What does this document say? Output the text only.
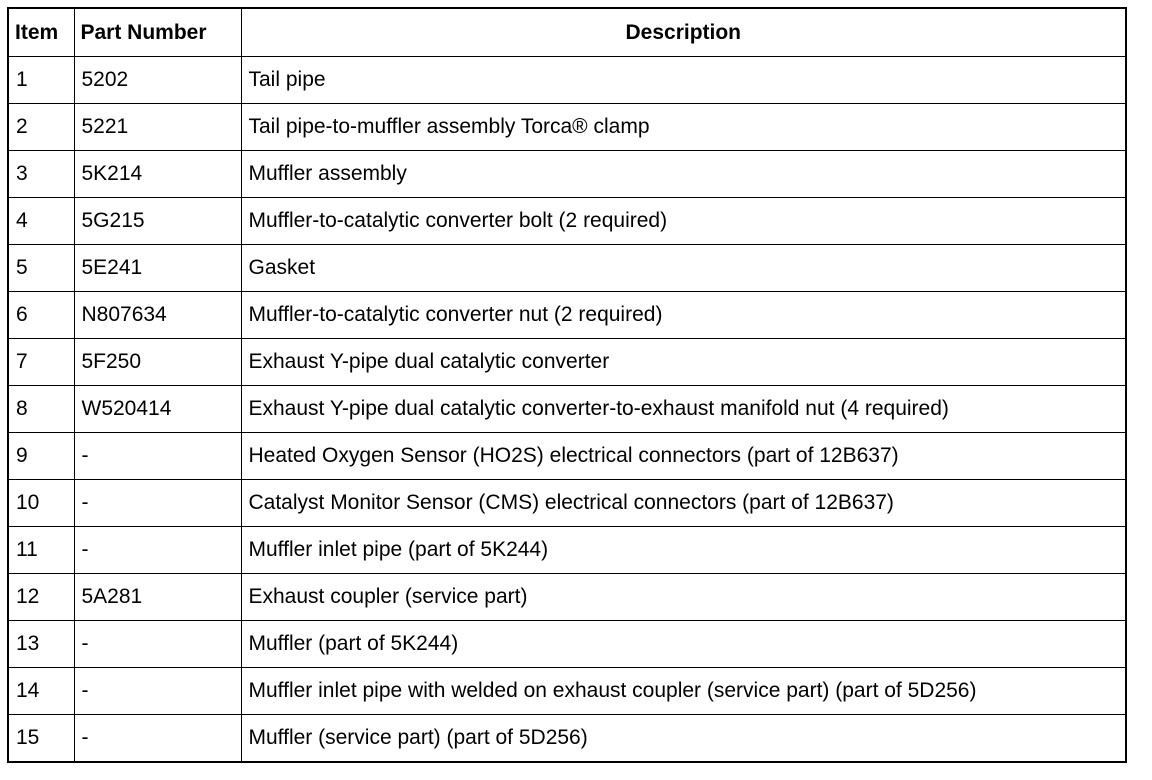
Item	Part Number	Description
1	5202	Tail pipe
2	5221	Tail pipe-to-muffler assembly Torca® clamp
3	5K214	Muffler assembly
4	5G215	Muffler-to-catalytic converter bolt (2 required)
5	5E241	Gasket
6	N807634	Muffler-to-catalytic converter nut (2 required)
7	5F250	Exhaust Y-pipe dual catalytic converter
8	W520414	Exhaust Y-pipe dual catalytic converter-to-exhaust manifold nut (4 required)
9	-	Heated Oxygen Sensor (HO2S) electrical connectors (part of 12B637)
10	-	Catalyst Monitor Sensor (CMS) electrical connectors (part of 12B637)
11	-	Muffler inlet pipe (part of 5K244)
12	5A281	Exhaust coupler (service part)
13	-	Muffler (part of 5K244)
14	-	Muffler inlet pipe with welded on exhaust coupler (service part) (part of 5D256)
15	-	Muffler (service part) (part of 5D256)
